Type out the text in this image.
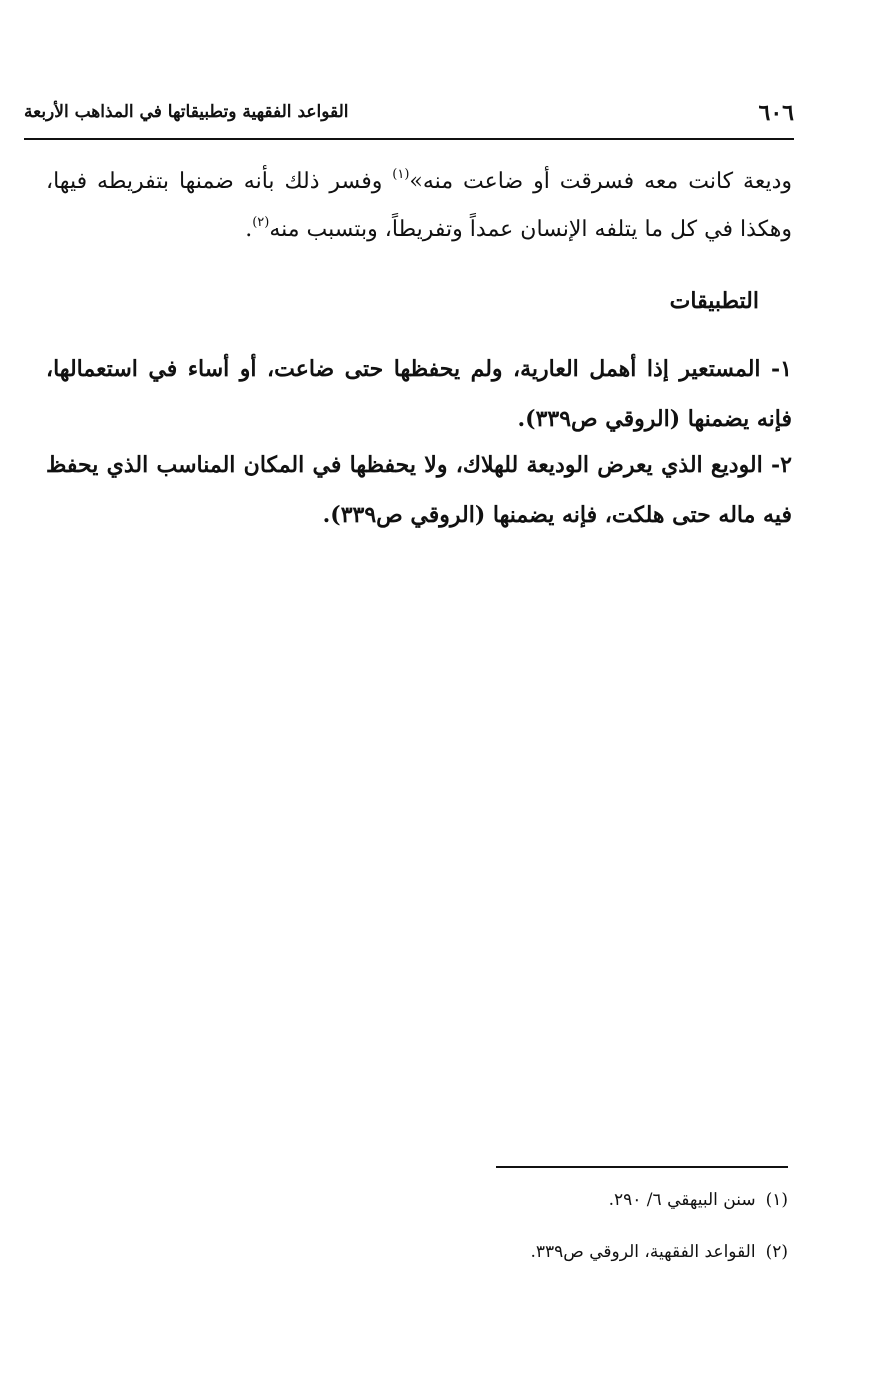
٦٠٦
القواعد الفقهية وتطبيقاتها في المذاهب الأربعة
وديعة كانت معه فسرقت أو ضاعت منه»$^{(١)}$ وفسر ذلك بأنه ضمنها بتفريطه فيها، وهكذا في كل ما يتلفه الإنسان عمداً وتفريطاً، وبتسبب منه$^{(٢)}$.
التطبيقات
١- المستعير إذا أهمل العارية، ولم يحفظها حتى ضاعت، أو أساء في استعمالها، فإنه يضمنها (الروقي ص٣٣٩).
٢- الوديع الذي يعرض الوديعة للهلاك، ولا يحفظها في المكان المناسب الذي يحفظ فيه ماله حتى هلكت، فإنه يضمنها (الروقي ص٣٣٩).
(١)سنن البيهقي ٦/ ٢٩٠.
(٢)القواعد الفقهية، الروقي ص٣٣٩.
